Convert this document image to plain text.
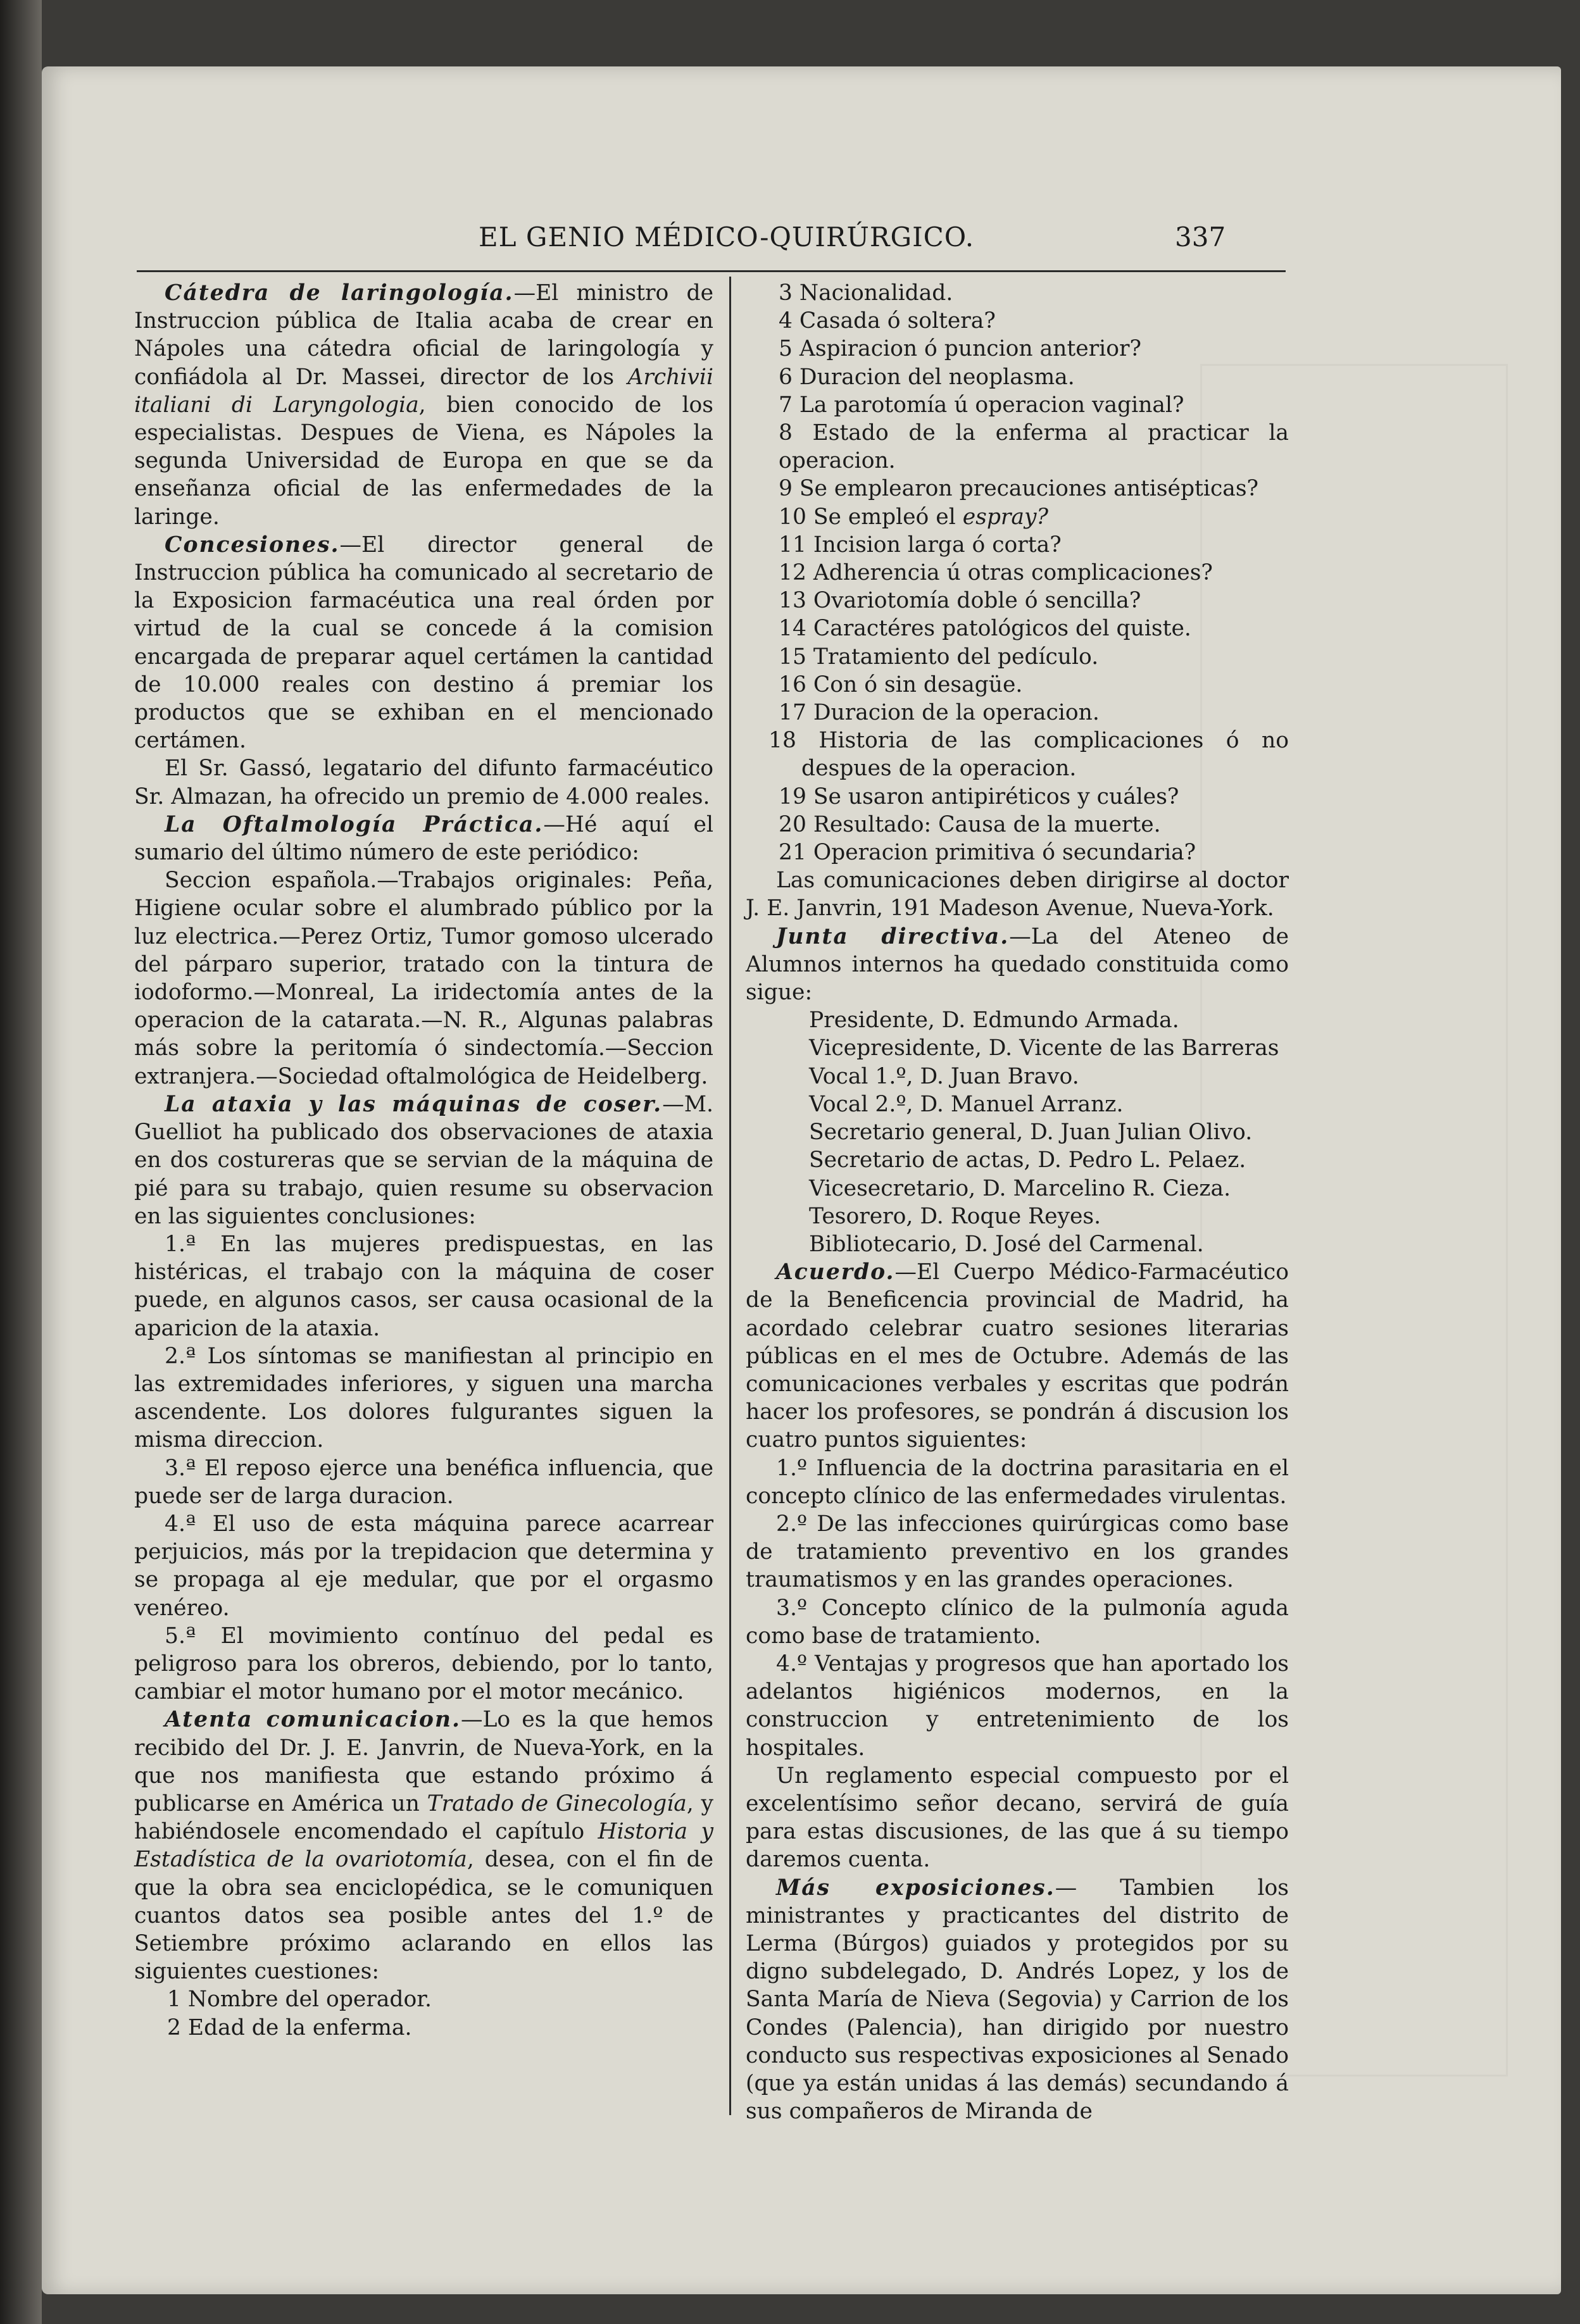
EL GENIO MÉDICO-QUIRÚRGICO.	337

Cátedra de laringología.—El ministro de Instruccion pública de Italia acaba de crear en Nápoles una cátedra oficial de laringología y confiádola al Dr. Massei, director de los Archivii italiani di Laryngologia, bien conocido de los especialistas. Despues de Viena, es Nápoles la segunda Universidad de Europa en que se da enseñanza oficial de las enfermedades de la laringe.

Concesiones.—El director general de Instruccion pública ha comunicado al secretario de la Exposicion farmacéutica una real órden por virtud de la cual se concede á la comision encargada de preparar aquel certámen la cantidad de 10.000 reales con destino á premiar los productos que se exhiban en el mencionado certámen.

El Sr. Gassó, legatario del difunto farmacéutico Sr. Almazan, ha ofrecido un premio de 4.000 reales.

La Oftalmología Práctica.—Hé aquí el sumario del último número de este periódico:

Seccion española.—Trabajos originales: Peña, Higiene ocular sobre el alumbrado público por la luz electrica.—Perez Ortiz, Tumor gomoso ulcerado del párparo superior, tratado con la tintura de iodoformo.—Monreal, La iridectomía antes de la operacion de la catarata.—N. R., Algunas palabras más sobre la peritomía ó sindectomía.—Seccion extranjera.—Sociedad oftalmológica de Heidelberg.

La ataxia y las máquinas de coser.—M. Guelliot ha publicado dos observaciones de ataxia en dos costureras que se servian de la máquina de pié para su trabajo, quien resume su observacion en las siguientes conclusiones:

1.ª En las mujeres predispuestas, en las histéricas, el trabajo con la máquina de coser puede, en algunos casos, ser causa ocasional de la aparicion de la ataxia.

2.ª Los síntomas se manifiestan al principio en las extremidades inferiores, y siguen una marcha ascendente. Los dolores fulgurantes siguen la misma direccion.

3.ª El reposo ejerce una benéfica influencia, que puede ser de larga duracion.

4.ª El uso de esta máquina parece acarrear perjuicios, más por la trepidacion que determina y se propaga al eje medular, que por el orgasmo venéreo.

5.ª El movimiento contínuo del pedal es peligroso para los obreros, debiendo, por lo tanto, cambiar el motor humano por el motor mecánico.

Atenta comunicacion.—Lo es la que hemos recibido del Dr. J. E. Janvrin, de Nueva-York, en la que nos manifiesta que estando próximo á publicarse en América un Tratado de Ginecología, y habiéndosele encomendado el capítulo Historia y Estadística de la ovariotomía, desea, con el fin de que la obra sea enciclopédica, se le comuniquen cuantos datos sea posible antes del 1.º de Setiembre próximo aclarando en ellos las siguientes cuestiones:

1 Nombre del operador.

2 Edad de la enferma.

3 Nacionalidad.

4 Casada ó soltera?

5 Aspiracion ó puncion anterior?

6 Duracion del neoplasma.

7 La parotomía ú operacion vaginal?

8 Estado de la enferma al practicar la operacion.

9 Se emplearon precauciones antisépticas?

10 Se empleó el espray?

11 Incision larga ó corta?

12 Adherencia ú otras complicaciones?

13 Ovariotomía doble ó sencilla?

14 Caractéres patológicos del quiste.

15 Tratamiento del pedículo.

16 Con ó sin desagüe.

17 Duracion de la operacion.

18 Historia de las complicaciones ó no despues de la operacion.

19 Se usaron antipiréticos y cuáles?

20 Resultado: Causa de la muerte.

21 Operacion primitiva ó secundaria?

Las comunicaciones deben dirigirse al doctor J. E. Janvrin, 191 Madeson Avenue, Nueva-York.

Junta directiva.—La del Ateneo de Alumnos internos ha quedado constituida como sigue:

Presidente, D. Edmundo Armada.

Vicepresidente, D. Vicente de las Barreras

Vocal 1.º, D. Juan Bravo.

Vocal 2.º, D. Manuel Arranz.

Secretario general, D. Juan Julian Olivo.

Secretario de actas, D. Pedro L. Pelaez.

Vicesecretario, D. Marcelino R. Cieza.

Tesorero, D. Roque Reyes.

Bibliotecario, D. José del Carmenal.

Acuerdo.—El Cuerpo Médico-Farmacéutico de la Beneficencia provincial de Madrid, ha acordado celebrar cuatro sesiones literarias públicas en el mes de Octubre. Además de las comunicaciones verbales y escritas que podrán hacer los profesores, se pondrán á discusion los cuatro puntos siguientes:

1.º Influencia de la doctrina parasitaria en el concepto clínico de las enfermedades virulentas.

2.º De las infecciones quirúrgicas como base de tratamiento preventivo en los grandes traumatismos y en las grandes operaciones.

3.º Concepto clínico de la pulmonía aguda como base de tratamiento.

4.º Ventajas y progresos que han aportado los adelantos higiénicos modernos, en la construccion y entretenimiento de los hospitales.

Un reglamento especial compuesto por el excelentísimo señor decano, servirá de guía para estas discusiones, de las que á su tiempo daremos cuenta.

Más exposiciones.— Tambien los ministrantes y practicantes del distrito de Lerma (Búrgos) guiados y protegidos por su digno subdelegado, D. Andrés Lopez, y los de Santa María de Nieva (Segovia) y Carrion de los Condes (Palencia), han dirigido por nuestro conducto sus respectivas exposiciones al Senado (que ya están unidas á las demás) secundando á sus compañeros de Miranda de
